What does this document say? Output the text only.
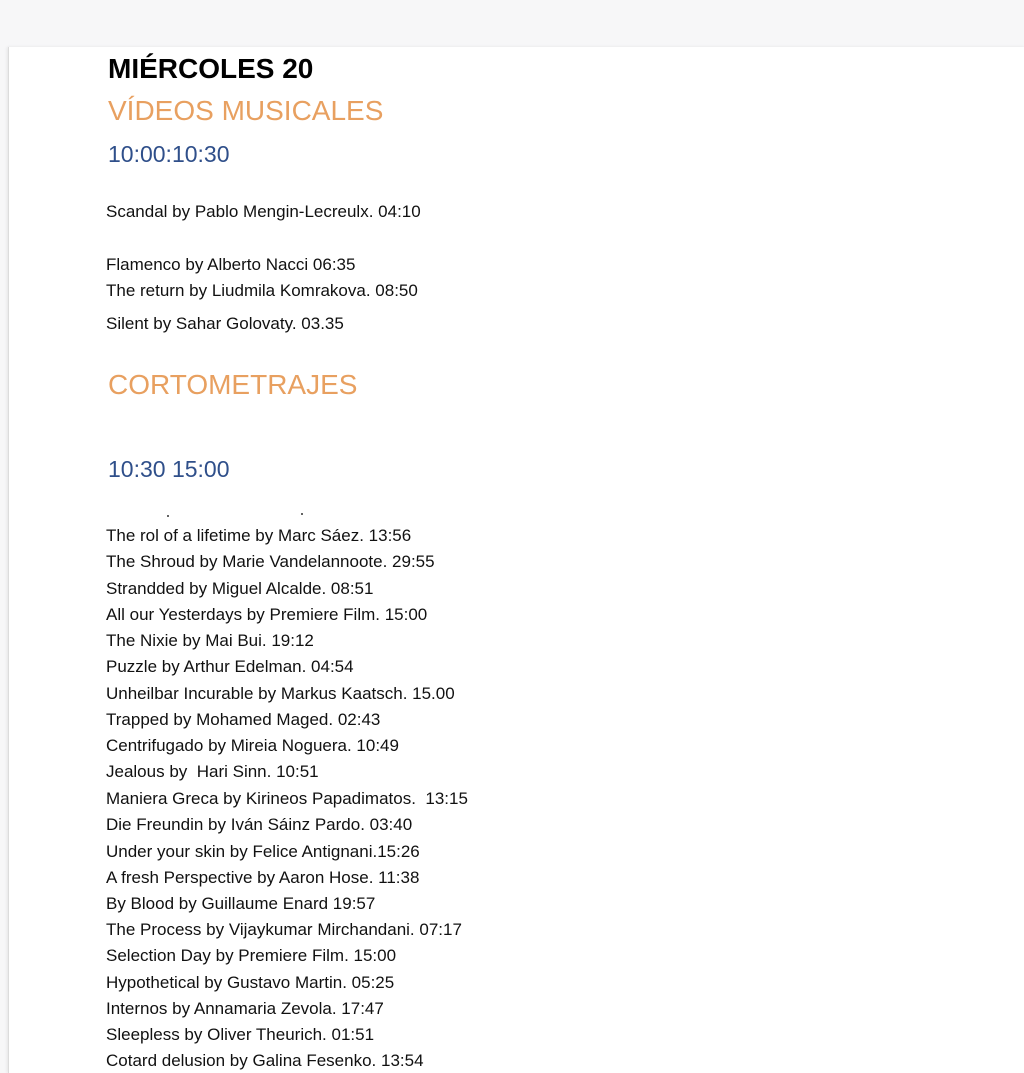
MIÉRCOLES 20
VÍDEOS MUSICALES
10:00:10:30

Scandal by Pablo Mengin-Lecreulx. 04:10

Flamenco by Alberto Nacci 06:35

The return by Liudmila Komrakova. 08:50

Silent by Sahar Golovaty. 03.35

CORTOMETRAJES
10:30 15:00

The rol of a lifetime by Marc Sáez. 13:56

The Shroud by Marie Vandelannoote. 29:55

Strandded by Miguel Alcalde. 08:51

All our Yesterdays by Premiere Film. 15:00

The Nixie by Mai Bui. 19:12

Puzzle by Arthur Edelman. 04:54

Unheilbar Incurable by Markus Kaatsch. 15.00

Trapped by Mohamed Maged. 02:43

Centrifugado by Mireia Noguera. 10:49

Jealous by  Hari Sinn. 10:51

Maniera Greca by Kirineos Papadimatos.  13:15

Die Freundin by Iván Sáinz Pardo. 03:40

Under your skin by Felice Antignani.15:26

A fresh Perspective by Aaron Hose. 11:38

By Blood by Guillaume Enard 19:57

The Process by Vijaykumar Mirchandani. 07:17

Selection Day by Premiere Film. 15:00

Hypothetical by Gustavo Martin. 05:25

Internos by Annamaria Zevola. 17:47

Sleepless by Oliver Theurich. 01:51

Cotard delusion by Galina Fesenko. 13:54
